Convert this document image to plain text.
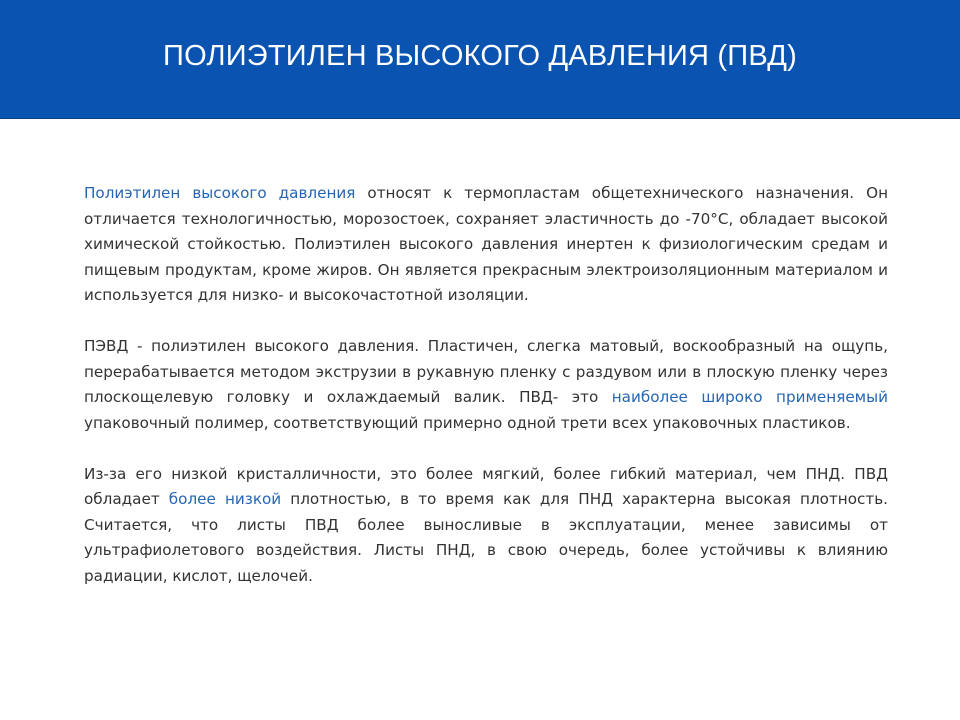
ПОЛИЭТИЛЕН ВЫСОКОГО ДАВЛЕНИЯ (ПВД)

Полиэтилен высокого давления относят к термопластам общетехнического назначения. Он отличается технологичностью, морозостоек, сохраняет эластичность до -70°С, обладает высокой химической стойкостью. Полиэтилен высокого давления инертен к физиологическим средам и пищевым продуктам, кроме жиров. Он является прекрасным электроизоляционным материалом и используется для низко- и высокочастотной изоляции.

ПЭВД - полиэтилен высокого давления. Пластичен, слегка матовый, воскообразный на ощупь, перерабатывается методом экструзии в рукавную пленку с раздувом или в плоскую пленку через плоскощелевую головку и охлаждаемый валик. ПВД- это наиболее широко применяемый упаковочный полимер, соответствующий примерно одной трети всех упаковочных пластиков.

Из-за его низкой кристалличности, это более мягкий, более гибкий материал, чем ПНД. ПВД обладает более низкой плотностью, в то время как для ПНД характерна высокая плотность. Считается, что листы ПВД более выносливые в эксплуатации, менее зависимы от ультрафиолетового воздействия. Листы ПНД, в свою очередь, более устойчивы к влиянию радиации, кислот, щелочей.
